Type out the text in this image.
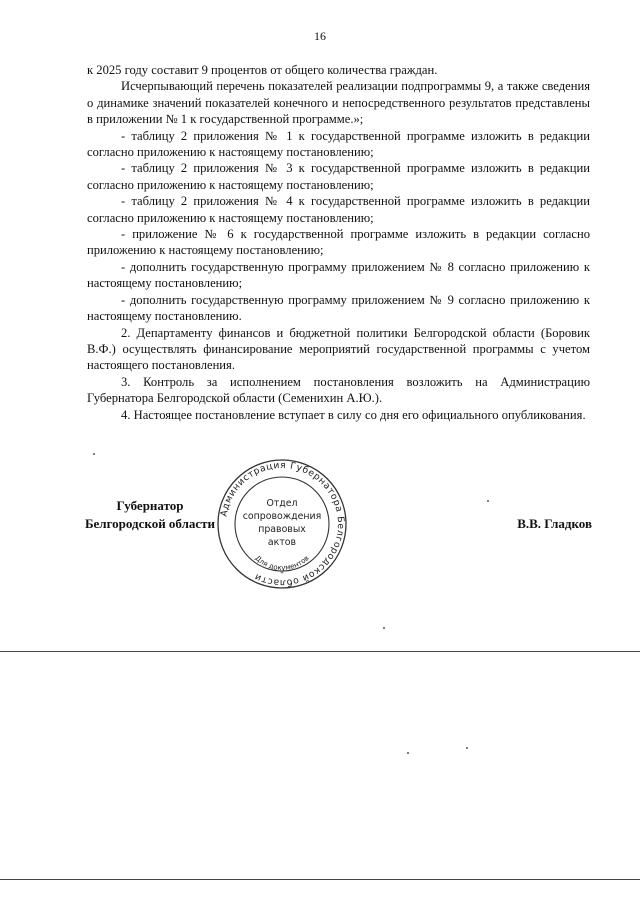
16

к 2025 году составит 9 процентов от общего количества граждан.

Исчерпывающий перечень показателей реализации подпрограммы 9, а также сведения о динамике значений показателей конечного и непосредственного результатов представлены в приложении № 1 к государственной программе.»;

- таблицу 2 приложения № 1 к государственной программе изложить в редакции согласно приложению к настоящему постановлению;

- таблицу 2 приложения № 3 к государственной программе изложить в редакции согласно приложению к настоящему постановлению;

- таблицу 2 приложения № 4 к государственной программе изложить в редакции согласно приложению к настоящему постановлению;

- приложение № 6 к государственной программе изложить в редакции согласно приложению к настоящему постановлению;

- дополнить государственную программу приложением № 8 согласно приложению к настоящему постановлению;

- дополнить государственную программу приложением № 9 согласно приложению к настоящему постановлению.

2. Департаменту финансов и бюджетной политики Белгородской области (Боровик В.Ф.) осуществлять финансирование мероприятий государственной программы с учетом настоящего постановления.

3. Контроль за исполнением постановления возложить на Администрацию Губернатора Белгородской области (Семенихин А.Ю.).

4. Настоящее постановление вступает в силу со дня его официального опубликования.

Губернатор
Белгородской области	В.В. Гладков
Администрация Губернатора Белгородской области
Для документов
Отдел
сопровождения
правовых
актов
*
